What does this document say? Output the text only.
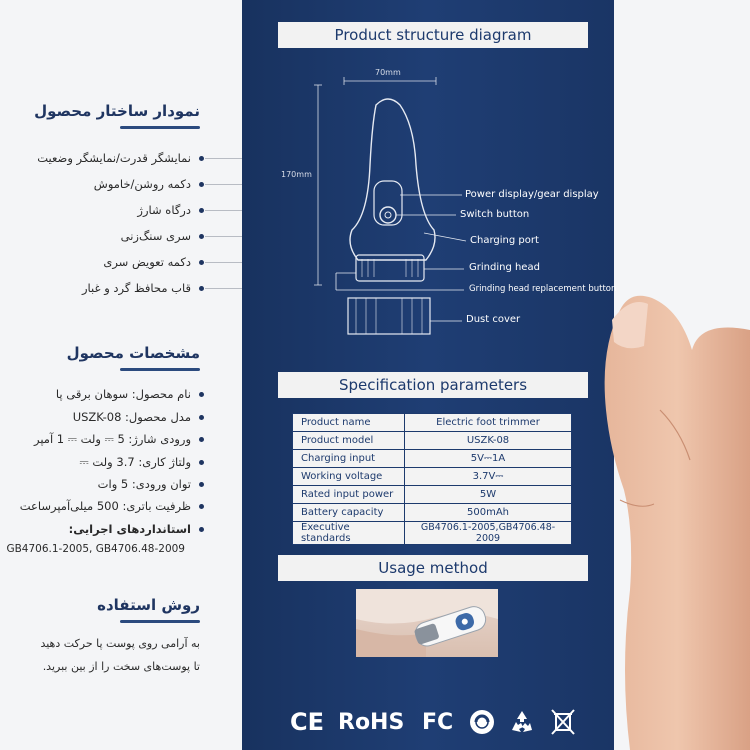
نمودار ساختار محصول
نمایشگر قدرت/نمایشگر وضعیت
دکمه روشن/خاموش
درگاه شارژ
سری سنگ‌زنی
دکمه تعویض سری
قاب محافظ گرد و غبار
مشخصات محصول
نام محصول: سوهان برقی پا
مدل محصول: USZK-08
ورودی شارژ: 5 ⎓ ولت ⎓ 1 آمپر
ولتاژ کاری: 3.7 ولت ⎓
توان ورودی: 5 وات
ظرفیت باتری: 500 میلی‌آمپرساعت
استانداردهای اجرایی:
GB4706.1-2005, GB4706.48-2009
روش استفاده
به آرامی روی پوست پا حرکت دهید
تا پوست‌های سخت را از بین ببرید.
Product structure diagram
70mm
170mm
Power display/gear display
Switch button
Charging port
Grinding head
Grinding head replacement button
Dust cover
Specification parameters
Product name	Electric foot trimmer
Product model	USZK-08
Charging input	5V⎓1A
Working voltage	3.7V⎓
Rated input power	5W
Battery capacity	500mAh
Executive standards	GB4706.1-2005,GB4706.48-2009
Usage method
CE RoHS FC
